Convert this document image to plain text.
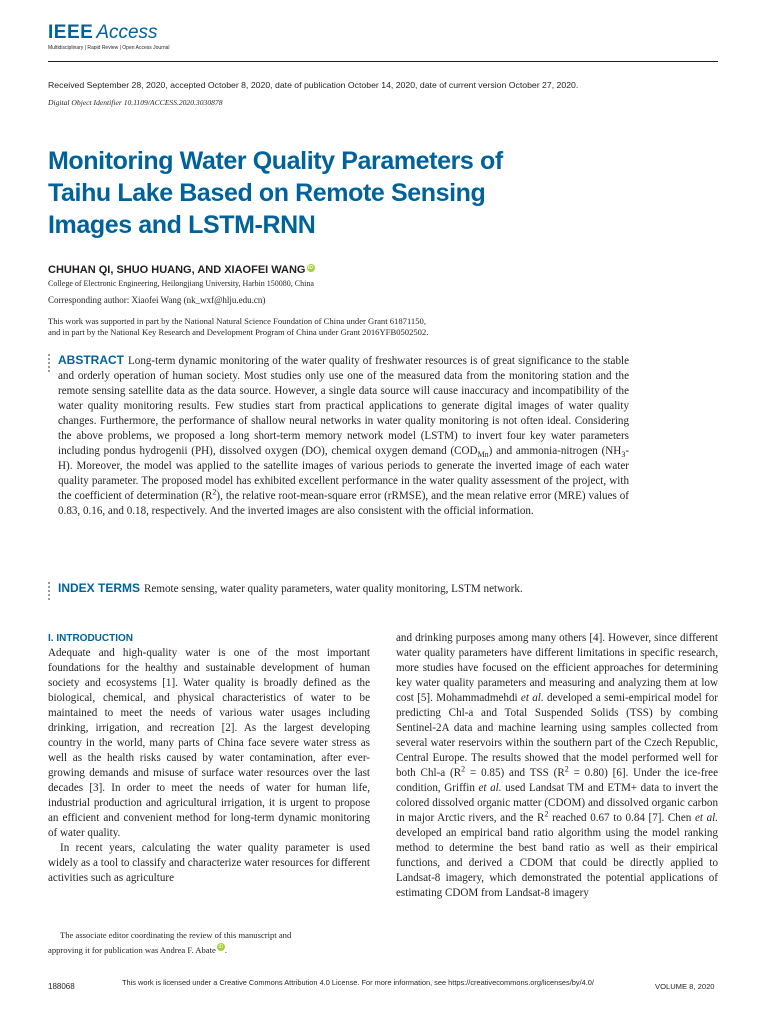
IEEE Access
Multidisciplinary | Rapid Review | Open Access Journal
Received September 28, 2020, accepted October 8, 2020, date of publication October 14, 2020, date of current version October 27, 2020.
Digital Object Identifier 10.1109/ACCESS.2020.3030878
Monitoring Water Quality Parameters of Taihu Lake Based on Remote Sensing Images and LSTM-RNN
CHUHAN QI, SHUO HUANG, AND XIAOFEI WANG iD
College of Electronic Engineering, Heilongjiang University, Harbin 150080, China
Corresponding author: Xiaofei Wang (nk_wxf@hlju.edu.cn)
This work was supported in part by the National Natural Science Foundation of China under Grant 61871150,
and in part by the National Key Research and Development Program of China under Grant 2016YFB0502502.
ABSTRACT Long-term dynamic monitoring of the water quality of freshwater resources is of great significance to the stable and orderly operation of human society. Most studies only use one of the measured data from the monitoring station and the remote sensing satellite data as the data source. However, a single data source will cause inaccuracy and incompatibility of the water quality monitoring results. Few studies start from practical applications to generate digital images of water quality changes. Furthermore, the performance of shallow neural networks in water quality monitoring is not often ideal. Considering the above problems, we proposed a long short-term memory network model (LSTM) to invert four key water parameters including pondus hydrogenii (PH), dissolved oxygen (DO), chemical oxygen demand $(COD_{Mn})$ and ammonia-nitrogen $(NH_3-H)$. Moreover, the model was applied to the satellite images of various periods to generate the inverted image of each water quality parameter. The proposed model has exhibited excellent performance in the water quality assessment of the project, with the coefficient of determination $(R^2)$, the relative root-mean-square error (rRMSE), and the mean relative error (MRE) values of 0.83, 0.16, and 0.18, respectively. And the inverted images are also consistent with the official information.
INDEX TERMS Remote sensing, water quality parameters, water quality monitoring, LSTM network.
I. INTRODUCTION

Adequate and high-quality water is one of the most important foundations for the healthy and sustainable development of human society and ecosystems [1]. Water quality is broadly defined as the biological, chemical, and physical characteristics of water to be maintained to meet the needs of various water usages including drinking, irrigation, and recreation [2]. As the largest developing country in the world, many parts of China face severe water stress as well as the health risks caused by water contamination, after ever-growing demands and misuse of surface water resources over the last decades [3]. In order to meet the needs of water for human life, industrial production and agricultural irrigation, it is urgent to propose an efficient and convenient method for long-term dynamic monitoring of water quality.

In recent years, calculating the water quality parameter is used widely as a tool to classify and characterize water resources for different activities such as agriculture

and drinking purposes among many others [4]. However, since different water quality parameters have different limitations in specific research, more studies have focused on the efficient approaches for determining key water quality parameters and measuring and analyzing them at low cost [5]. Mohammadmehdi et al. developed a semi-empirical model for predicting Chl-a and Total Suspended Solids (TSS) by combing Sentinel-2A data and machine learning using samples collected from several water reservoirs within the southern part of the Czech Republic, Central Europe. The results showed that the model performed well for both Chl-a $(R^2 = 0.85)$ and TSS $(R^2 = 0.80)$ [6]. Under the ice-free condition, Griffin et al. used Landsat TM and ETM+ data to invert the colored dissolved organic matter (CDOM) and dissolved organic carbon in major Arctic rivers, and the $R^2$ reached 0.67 to 0.84 [7]. Chen et al. developed an empirical band ratio algorithm using the model ranking method to determine the best band ratio as well as their empirical functions, and derived a CDOM that could be directly applied to Landsat-8 imagery, which demonstrated the potential applications of estimating CDOM from Landsat-8 imagery

The associate editor coordinating the review of this manuscript and

approving it for publication was Andrea F. Abate iD .

188068	This work is licensed under a Creative Commons Attribution 4.0 License. For more information, see https://creativecommons.org/licenses/by/4.0/	VOLUME 8, 2020
